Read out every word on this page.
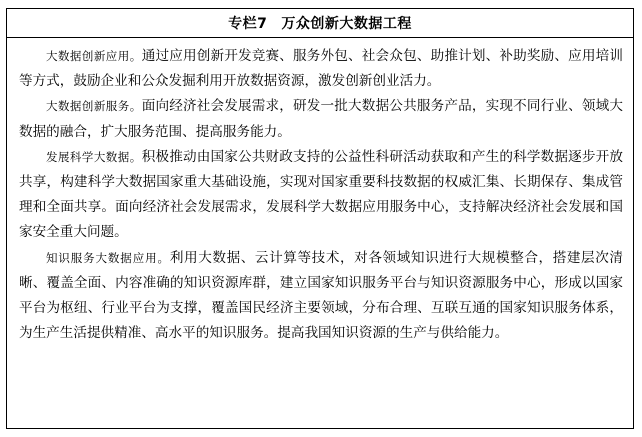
专栏7 万众创新大数据工程

大数据创新应用。通过应用创新开发竞赛、服务外包、社会众包、助推计划、补助奖励、应用培训等方式，鼓励企业和公众发掘利用开放数据资源，激发创新创业活力。

大数据创新服务。面向经济社会发展需求，研发一批大数据公共服务产品，实现不同行业、领域大数据的融合，扩大服务范围、提高服务能力。

发展科学大数据。积极推动由国家公共财政支持的公益性科研活动获取和产生的科学数据逐步开放共享，构建科学大数据国家重大基础设施，实现对国家重要科技数据的权威汇集、长期保存、集成管理和全面共享。面向经济社会发展需求，发展科学大数据应用服务中心，支持解决经济社会发展和国家安全重大问题。

知识服务大数据应用。利用大数据、云计算等技术，对各领域知识进行大规模整合，搭建层次清晰、覆盖全面、内容准确的知识资源库群，建立国家知识服务平台与知识资源服务中心，形成以国家平台为枢纽、行业平台为支撑，覆盖国民经济主要领域，分布合理、互联互通的国家知识服务体系，为生产生活提供精准、高水平的知识服务。提高我国知识资源的生产与供给能力。
